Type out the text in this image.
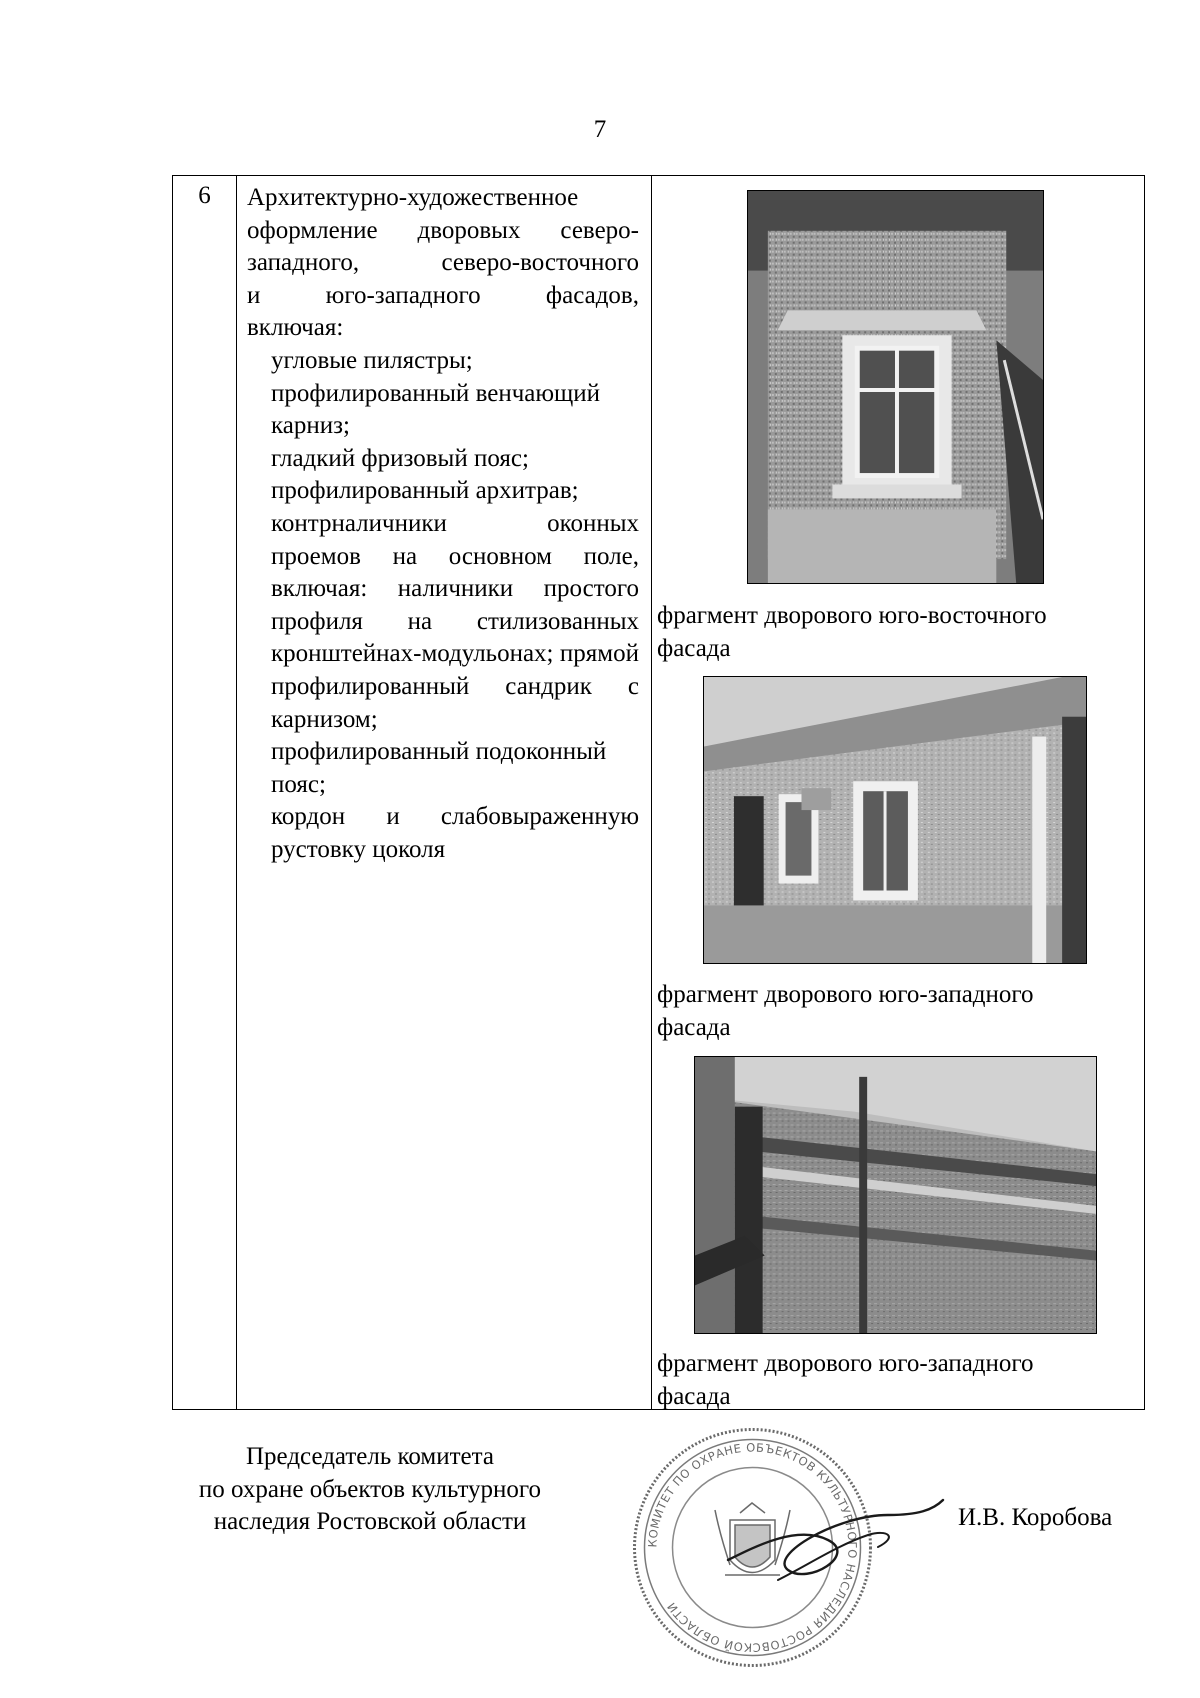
7
6	Архитектурно-художественное

оформление дворовых северо-

западного, северо-восточного

и юго-западного фасадов,

включая:

угловые пилястры;

профилированный венчающий карниз;

гладкий фризовый пояс;

профилированный архитрав;

контрналичники оконных проемов на основном поле, включая: наличники простого профиля на стилизованных кронштейнах-модульонах; прямой профилированный сандрик с карнизом;

профилированный подоконный пояс;

кордон и слабовыраженную рустовку цоколя

фрагмент дворового юго-восточного
фасада
фрагмент дворового юго-западного
фасада
фрагмент дворового юго-западного
фасада
Председатель комитета
по охране объектов культурного
наследия Ростовской области
КОМИТЕТ ПО ОХРАНЕ ОБЪЕКТОВ КУЛЬТУРНОГО НАСЛЕДИЯ РОСТОВСКОЙ ОБЛАСТИ
И.В. Коробова
